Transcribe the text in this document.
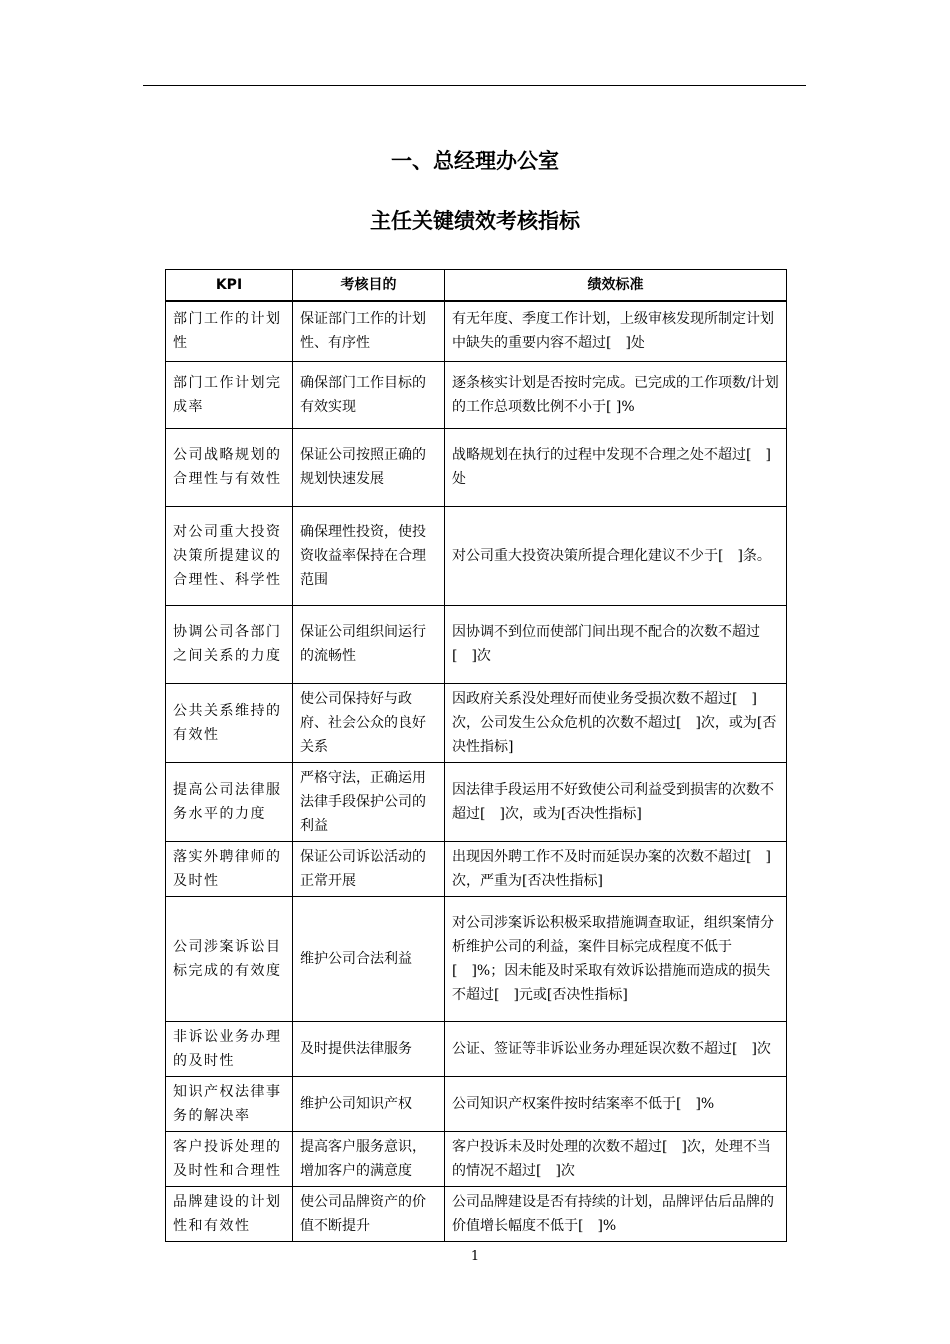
一、总经理办公室
主任关键绩效考核指标
KPI	考核目的	绩效标准
部门工作的计划性	保证部门工作的计划性、有序性	有无年度、季度工作计划，上级审核发现所制定计划中缺失的重要内容不超过[　]处
部门工作计划完成率	确保部门工作目标的有效实现	逐条核实计划是否按时完成。已完成的工作项数/计划的工作总项数比例不小于[ ]%
公司战略规划的合理性与有效性	保证公司按照正确的规划快速发展	战略规划在执行的过程中发现不合理之处不超过[　]处
对公司重大投资决策所提建议的合理性、科学性	确保理性投资，使投资收益率保持在合理范围	对公司重大投资决策所提合理化建议不少于[　]条。
协调公司各部门之间关系的力度	保证公司组织间运行的流畅性	因协调不到位而使部门间出现不配合的次数不超过[　]次
公共关系维持的有效性	使公司保持好与政府、社会公众的良好关系	因政府关系没处理好而使业务受损次数不超过[　]次，公司发生公众危机的次数不超过[　]次，或为[否决性指标]
提高公司法律服务水平的力度	严格守法，正确运用法律手段保护公司的利益	因法律手段运用不好致使公司利益受到损害的次数不超过[　]次，或为[否决性指标]
落实外聘律师的及时性	保证公司诉讼活动的正常开展	出现因外聘工作不及时而延误办案的次数不超过[　]次，严重为[否决性指标]
公司涉案诉讼目标完成的有效度	维护公司合法利益	对公司涉案诉讼积极采取措施调查取证，组织案情分析维护公司的利益，案件目标完成程度不低于[　]%；因未能及时采取有效诉讼措施而造成的损失不超过[　]元或[否决性指标]
非诉讼业务办理的及时性	及时提供法律服务	公证、签证等非诉讼业务办理延误次数不超过[　]次
知识产权法律事务的解决率	维护公司知识产权	公司知识产权案件按时结案率不低于[　]%
客户投诉处理的及时性和合理性	提高客户服务意识，增加客户的满意度	客户投诉未及时处理的次数不超过[　]次，处理不当的情况不超过[　]次
品牌建设的计划性和有效性	使公司品牌资产的价值不断提升	公司品牌建设是否有持续的计划，品牌评估后品牌的价值增长幅度不低于[　]%
1
